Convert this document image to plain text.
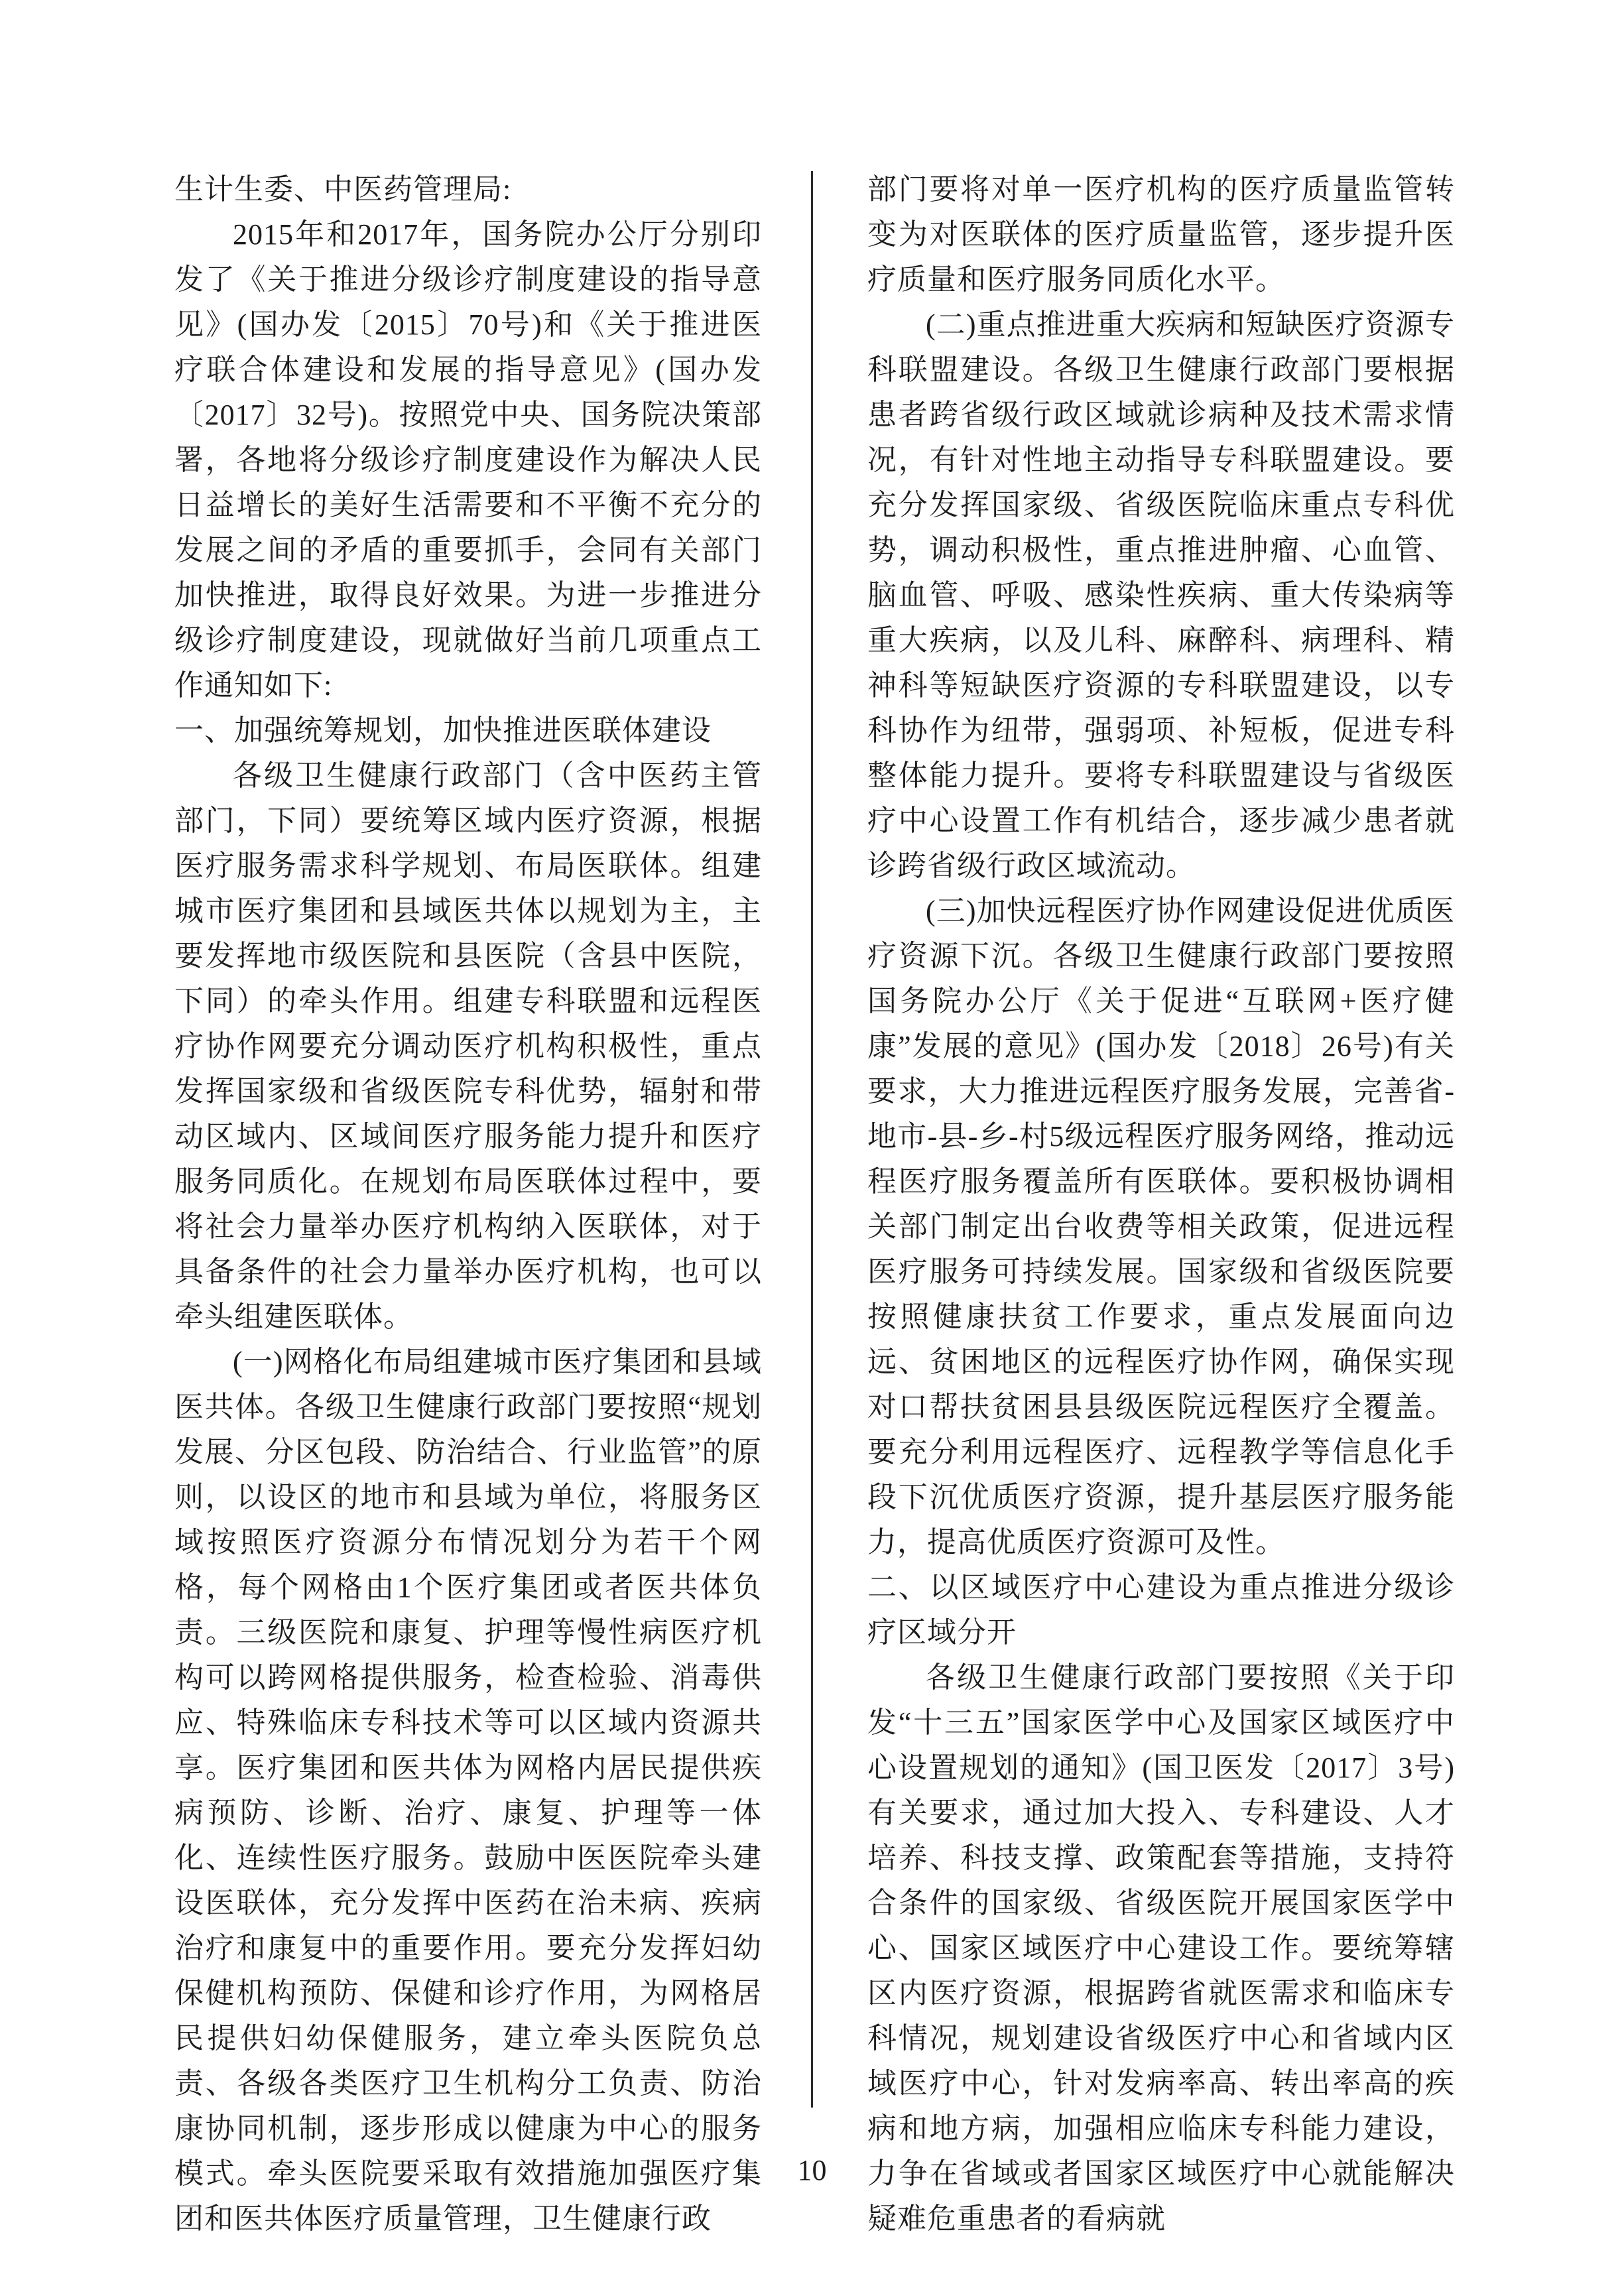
生计生委、中医药管理局:

2015年和2017年，国务院办公厅分别印发了《关于推进分级诊疗制度建设的指导意见》(国办发〔2015〕70号)和《关于推进医疗联合体建设和发展的指导意见》(国办发〔2017〕32号)。按照党中央、国务院决策部署，各地将分级诊疗制度建设作为解决人民日益增长的美好生活需要和不平衡不充分的发展之间的矛盾的重要抓手，会同有关部门加快推进，取得良好效果。为进一步推进分级诊疗制度建设，现就做好当前几项重点工作通知如下:

一、加强统筹规划，加快推进医联体建设

各级卫生健康行政部门（含中医药主管部门，下同）要统筹区域内医疗资源，根据医疗服务需求科学规划、布局医联体。组建城市医疗集团和县域医共体以规划为主，主要发挥地市级医院和县医院（含县中医院，下同）的牵头作用。组建专科联盟和远程医疗协作网要充分调动医疗机构积极性，重点发挥国家级和省级医院专科优势，辐射和带动区域内、区域间医疗服务能力提升和医疗服务同质化。在规划布局医联体过程中，要将社会力量举办医疗机构纳入医联体，对于具备条件的社会力量举办医疗机构，也可以牵头组建医联体。

(一)网格化布局组建城市医疗集团和县域医共体。各级卫生健康行政部门要按照“规划发展、分区包段、防治结合、行业监管”的原则，以设区的地市和县域为单位，将服务区域按照医疗资源分布情况划分为若干个网格，每个网格由1个医疗集团或者医共体负责。三级医院和康复、护理等慢性病医疗机构可以跨网格提供服务，检查检验、消毒供应、特殊临床专科技术等可以区域内资源共享。医疗集团和医共体为网格内居民提供疾病预防、诊断、治疗、康复、护理等一体化、连续性医疗服务。鼓励中医医院牵头建设医联体，充分发挥中医药在治未病、疾病治疗和康复中的重要作用。要充分发挥妇幼保健机构预防、保健和诊疗作用，为网格居民提供妇幼保健服务，建立牵头医院负总责、各级各类医疗卫生机构分工负责、防治康协同机制，逐步形成以健康为中心的服务模式。牵头医院要采取有效措施加强医疗集团和医共体医疗质量管理，卫生健康行政

部门要将对单一医疗机构的医疗质量监管转变为对医联体的医疗质量监管，逐步提升医疗质量和医疗服务同质化水平。

(二)重点推进重大疾病和短缺医疗资源专科联盟建设。各级卫生健康行政部门要根据患者跨省级行政区域就诊病种及技术需求情况，有针对性地主动指导专科联盟建设。要充分发挥国家级、省级医院临床重点专科优势，调动积极性，重点推进肿瘤、心血管、脑血管、呼吸、感染性疾病、重大传染病等重大疾病，以及儿科、麻醉科、病理科、精神科等短缺医疗资源的专科联盟建设，以专科协作为纽带，强弱项、补短板，促进专科整体能力提升。要将专科联盟建设与省级医疗中心设置工作有机结合，逐步减少患者就诊跨省级行政区域流动。

(三)加快远程医疗协作网建设促进优质医疗资源下沉。各级卫生健康行政部门要按照国务院办公厅《关于促进“互联网+医疗健康”发展的意见》(国办发〔2018〕26号)有关要求，大力推进远程医疗服务发展，完善省-地市-县-乡-村5级远程医疗服务网络，推动远程医疗服务覆盖所有医联体。要积极协调相关部门制定出台收费等相关政策，促进远程医疗服务可持续发展。国家级和省级医院要按照健康扶贫工作要求，重点发展面向边远、贫困地区的远程医疗协作网，确保实现对口帮扶贫困县县级医院远程医疗全覆盖。要充分利用远程医疗、远程教学等信息化手段下沉优质医疗资源，提升基层医疗服务能力，提高优质医疗资源可及性。

二、以区域医疗中心建设为重点推进分级诊疗区域分开

各级卫生健康行政部门要按照《关于印发“十三五”国家医学中心及国家区域医疗中心设置规划的通知》(国卫医发〔2017〕3号)有关要求，通过加大投入、专科建设、人才培养、科技支撑、政策配套等措施，支持符合条件的国家级、省级医院开展国家医学中心、国家区域医疗中心建设工作。要统筹辖区内医疗资源，根据跨省就医需求和临床专科情况，规划建设省级医疗中心和省域内区域医疗中心，针对发病率高、转出率高的疾病和地方病，加强相应临床专科能力建设，力争在省域或者国家区域医疗中心就能解决疑难危重患者的看病就

10
